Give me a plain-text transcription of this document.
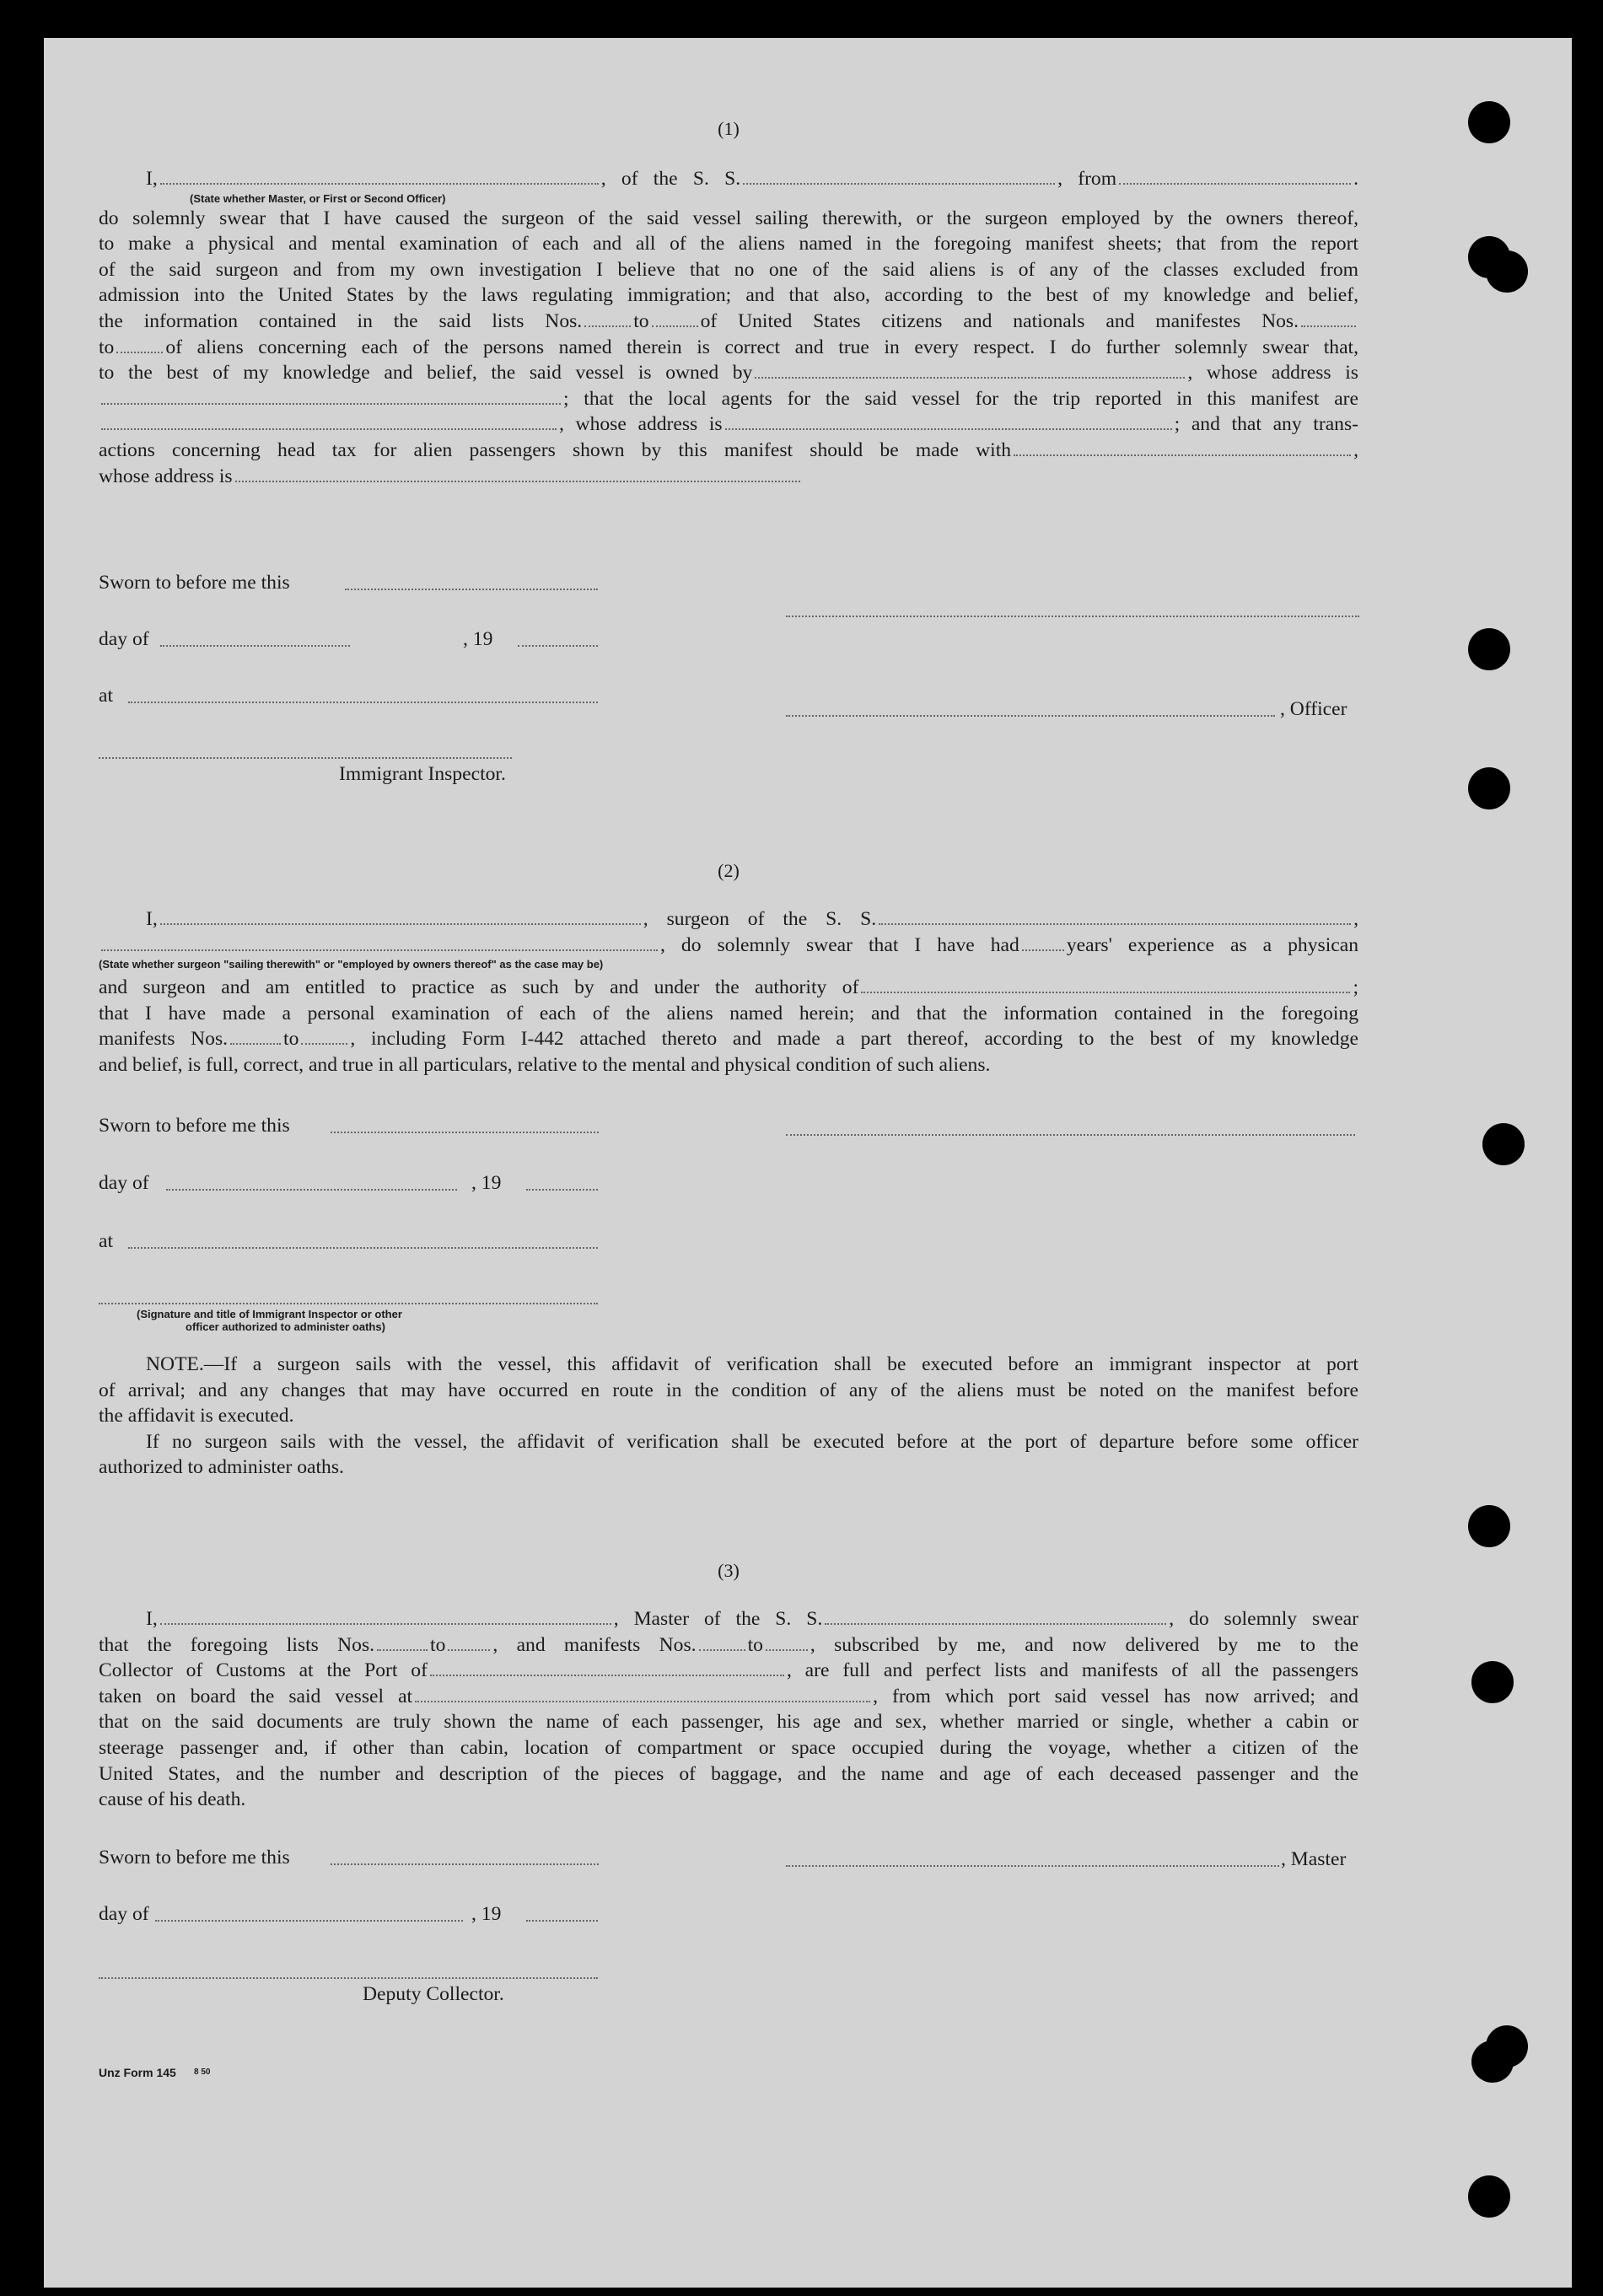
(1)

I,	, of the S. S.	, from	.

(State whether Master, or First or Second Officer)

do solemnly swear that I have caused the surgeon of the said vessel sailing therewith, or the surgeon employed by the owners thereof,

to make a physical and mental examination of each and all of the aliens named in the foregoing manifest sheets; that from the report

of the said surgeon and from my own investigation I believe that no one of the said aliens is of any of the classes excluded from

admission into the United States by the laws regulating immigration; and that also, according to the best of my knowledge and belief,

the information contained in the said lists Nos.	to	of United States citizens and nationals and manifestes Nos.

to	of aliens concerning each of the persons named therein is correct and true in every respect. I do further solemnly swear that,

to the best of my knowledge and belief, the said vessel is owned by	, whose address is

; that the local agents for the said vessel for the trip reported in this manifest are

, whose address is	; and that any trans-

actions concerning head tax for alien passengers shown by this manifest should be made with	,

whose address is

Sworn to before me this
day of	, 19
at
, Officer
Immigrant Inspector.
(2)

I,	, surgeon of the S. S.	,

, do solemnly swear that I have had years' experience as a physican

(State whether surgeon "sailing therewith" or "employed by owners thereof" as the case may be)

and surgeon and am entitled to practice as such by and under the authority of	;

that I have made a personal examination of each of the aliens named herein; and that the information contained in the foregoing

manifests Nos.	to	, including Form I-442 attached thereto and made a part thereof, according to the best of my knowledge

and belief, is full, correct, and true in all particulars, relative to the mental and physical condition of such aliens.

Sworn to before me this
day of	, 19
at
(Signature and title of Immigrant Inspector or other
officer authorized to administer oaths)

NOTE.—If a surgeon sails with the vessel, this affidavit of verification shall be executed before an immigrant inspector at port

of arrival; and any changes that may have occurred en route in the condition of any of the aliens must be noted on the manifest before

the affidavit is executed.

If no surgeon sails with the vessel, the affidavit of verification shall be executed before at the port of departure before some officer

authorized to administer oaths.

(3)

I,	, Master of the S. S.	, do solemnly swear

that the foregoing lists Nos.	to , and manifests Nos.	to , subscribed by me, and now delivered by me to the

Collector of Customs at the Port of	, are full and perfect lists and manifests of all the passengers

taken on board the said vessel at	, from which port said vessel has now arrived; and

that on the said documents are truly shown the name of each passenger, his age and sex, whether married or single, whether a cabin or

steerage passenger and, if other than cabin, location of compartment or space occupied during the voyage, whether a citizen of the

United States, and the number and description of the pieces of baggage, and the name and age of each deceased passenger and the

cause of his death.

Sworn to before me this	, Master
day of	, 19
Deputy Collector.
Unz Form 145 8 50
